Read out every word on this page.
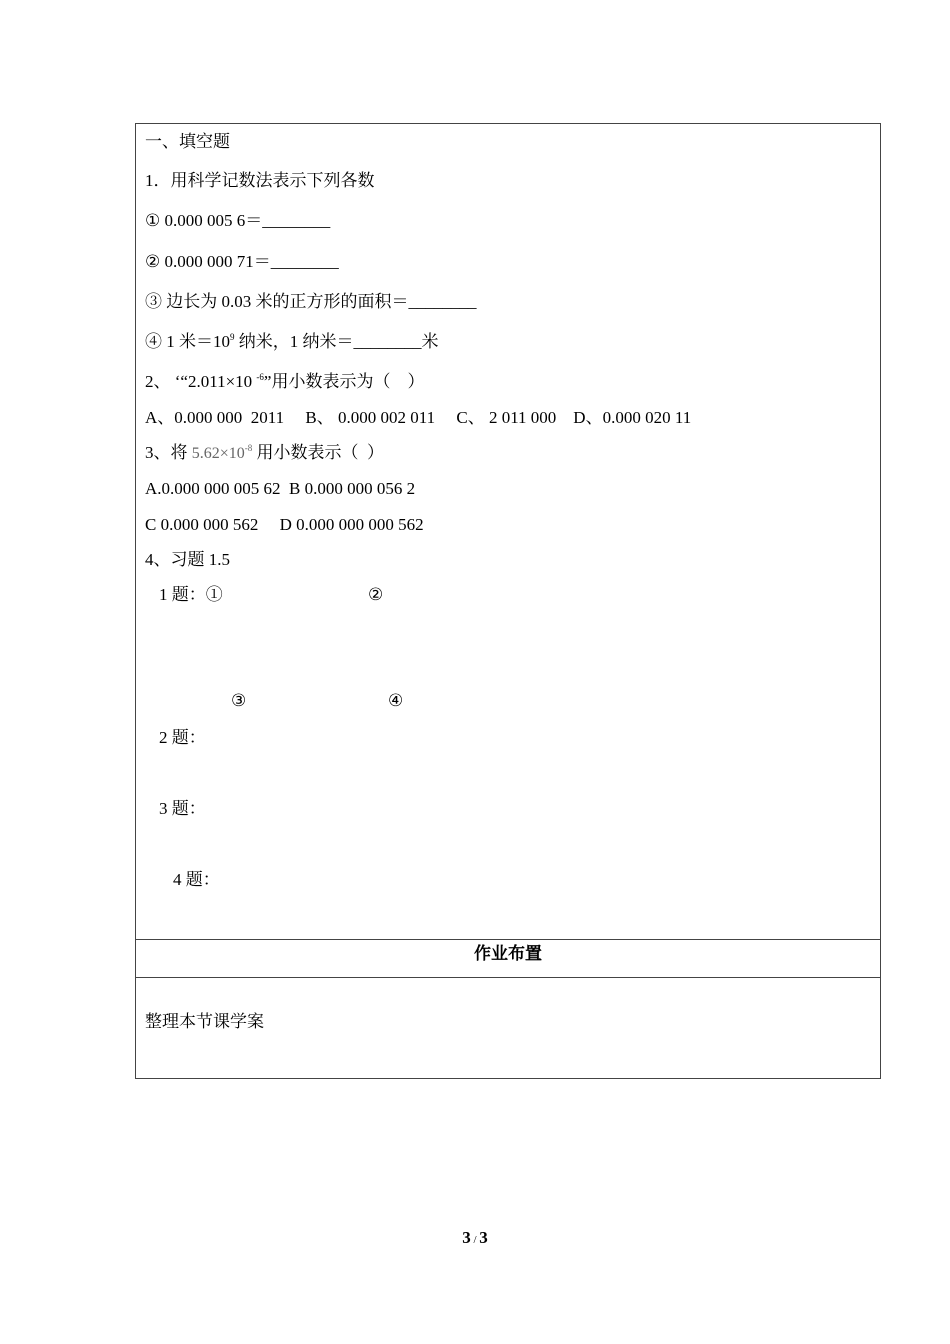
一、填空题
1．用科学记数法表示下列各数
① 0.000 005 6＝________
② 0.000 000 71＝________
③ 边长为 0.03 米的正方形的面积＝________
④ 1 米$=10^9$ 纳米，1 纳米＝________米
2、 ‘“2.011×10 $^{-6}$”用小数表示为（    ）
A、0.000 000  2011     B、 0.000 002 011     C、 2 011 000    D、0.000 020 11
3、将 $5.62\times 10^{-8}$ 用小数表示（  ）
A.0.000 000 005 62  B 0.000 000 056 2
C 0.000 000 562     D 0.000 000 000 562
4、习题 1.5
1 题：①	②
③	④
2 题：
3 题：
4 题：
作业布置
整理本节课学案
3 / 3
